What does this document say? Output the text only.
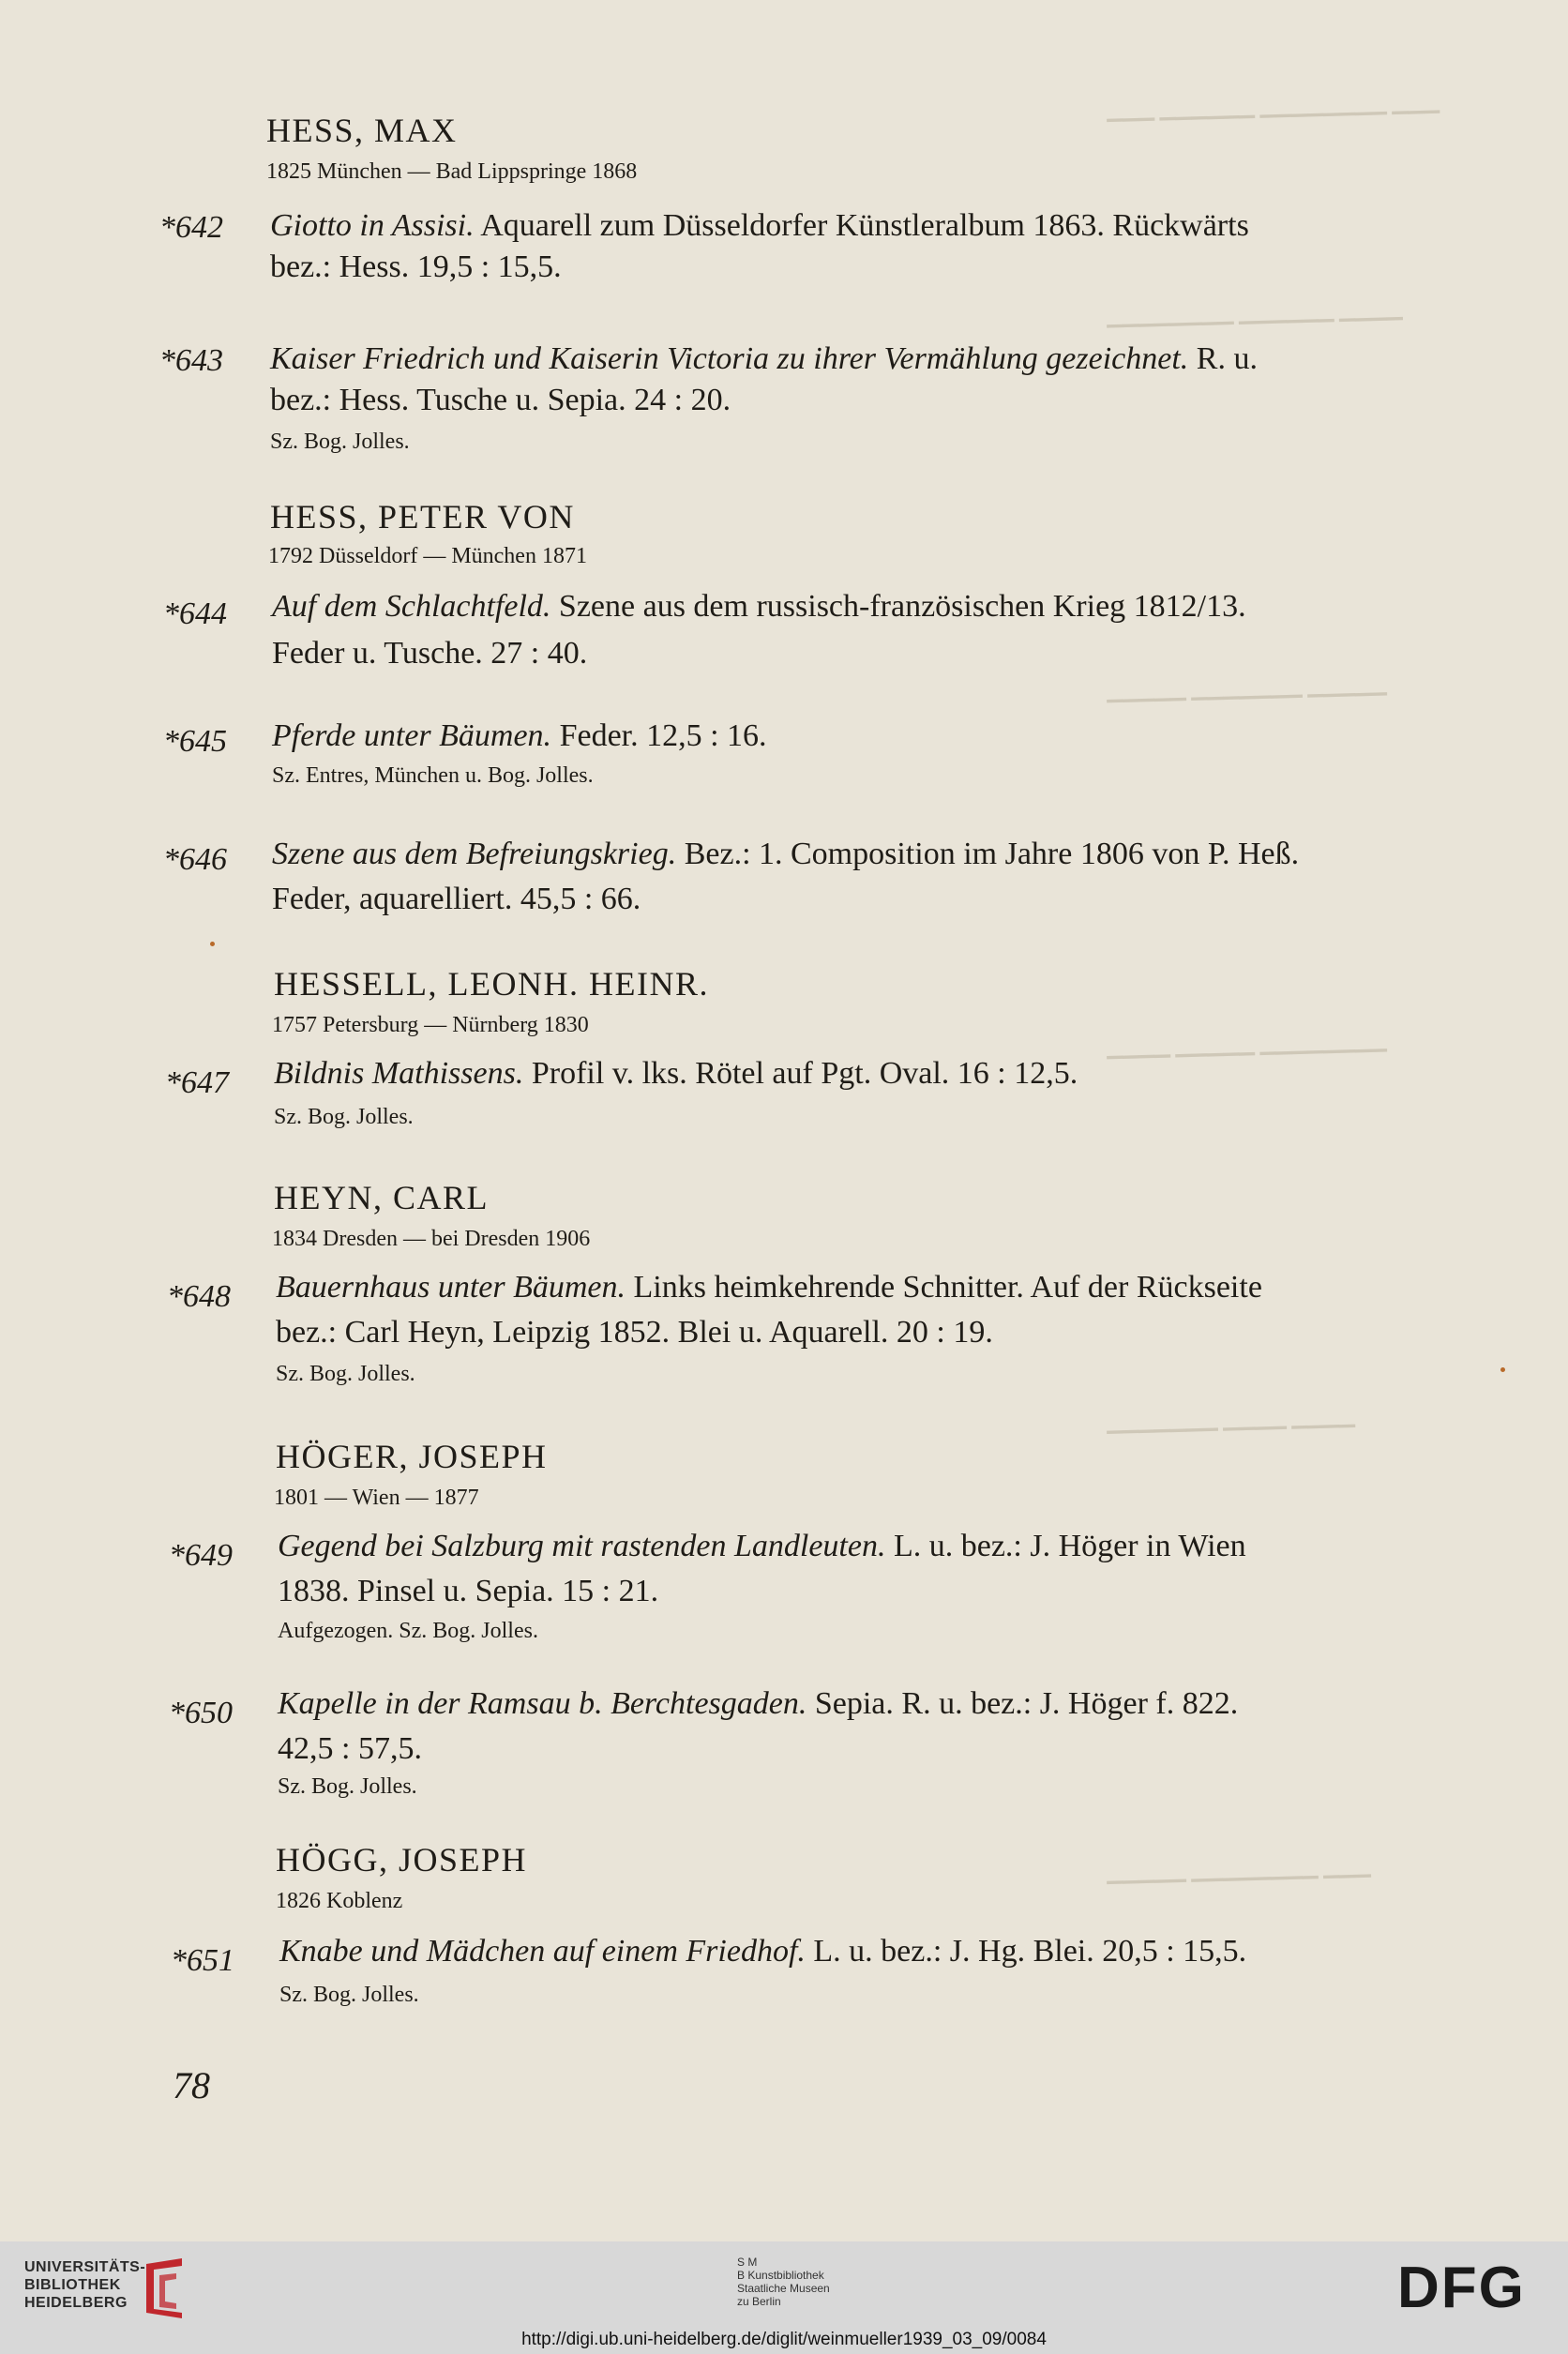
▁▁▁ ▁▁▁▁▁▁ ▁▁▁▁▁▁▁▁ ▁▁▁
▁▁▁▁▁▁▁▁ ▁▁▁▁▁▁ ▁▁▁▁
▁▁▁▁▁ ▁▁▁▁▁▁▁ ▁▁▁▁▁
▁▁▁▁ ▁▁▁▁▁ ▁▁▁▁▁▁▁▁
▁▁▁▁▁▁▁ ▁▁▁▁ ▁▁▁▁
▁▁▁▁▁ ▁▁▁▁▁▁▁▁ ▁▁▁
HESS, MAX
1825 München — Bad Lippspringe 1868
*642 Giotto in Assisi. Aquarell zum Düsseldorfer Künstleralbum 1863. Rückwärts
bez.: Hess. 19,5 : 15,5.
*643 Kaiser Friedrich und Kaiserin Victoria zu ihrer Vermählung gezeichnet. R. u.
bez.: Hess. Tusche u. Sepia. 24 : 20.
Sz. Bog. Jolles.
HESS, PETER VON
1792 Düsseldorf — München 1871
*644 Auf dem Schlachtfeld. Szene aus dem russisch-französischen Krieg 1812/13.
Feder u. Tusche. 27 : 40.
*645 Pferde unter Bäumen. Feder. 12,5 : 16.
Sz. Entres, München u. Bog. Jolles.
*646 Szene aus dem Befreiungskrieg. Bez.: 1. Composition im Jahre 1806 von P. Heß.
Feder, aquarelliert. 45,5 : 66.
HESSELL, LEONH. HEINR.
1757 Petersburg — Nürnberg 1830
*647 Bildnis Mathissens. Profil v. lks. Rötel auf Pgt. Oval. 16 : 12,5.
Sz. Bog. Jolles.
HEYN, CARL
1834 Dresden — bei Dresden 1906
*648 Bauernhaus unter Bäumen. Links heimkehrende Schnitter. Auf der Rückseite
bez.: Carl Heyn, Leipzig 1852. Blei u. Aquarell. 20 : 19.
Sz. Bog. Jolles.
HÖGER, JOSEPH
1801 — Wien — 1877
*649 Gegend bei Salzburg mit rastenden Landleuten. L. u. bez.: J. Höger in Wien
1838. Pinsel u. Sepia. 15 : 21.
Aufgezogen. Sz. Bog. Jolles.
*650 Kapelle in der Ramsau b. Berchtesgaden. Sepia. R. u. bez.: J. Höger f. 822.
42,5 : 57,5.
Sz. Bog. Jolles.
HÖGG, JOSEPH
1826 Koblenz
*651 Knabe und Mädchen auf einem Friedhof. L. u. bez.: J. Hg. Blei. 20,5 : 15,5.
Sz. Bog. Jolles.
78
UNIVERSITÄTS-
BIBLIOTHEK
HEIDELBERG
S M
B Kunstbibliothek
Staatliche Museen
zu Berlin	DFG
http://digi.ub.uni-heidelberg.de/diglit/weinmueller1939_03_09/0084
